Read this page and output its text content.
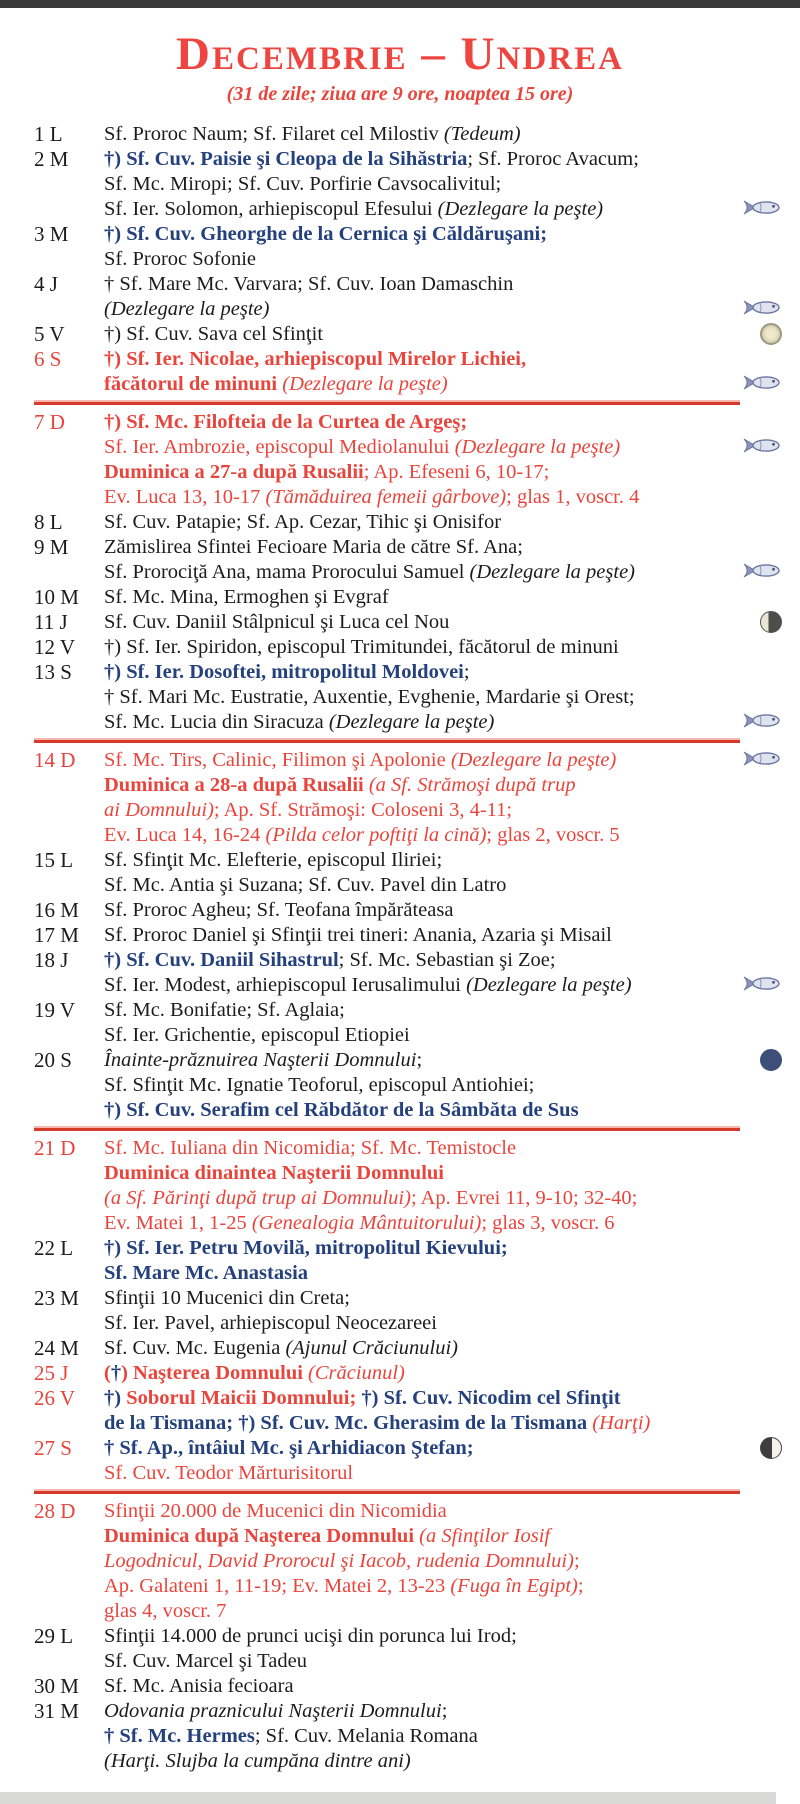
Decembrie – Undrea
(31 de zile; ziua are 9 ore, noaptea 15 ore)
1 L	Sf. Proroc Naum; Sf. Filaret cel Milostiv (Tedeum)
2 M	†) Sf. Cuv. Paisie şi Cleopa de la Sihăstria; Sf. Proroc Avacum;
Sf. Mc. Miropi; Sf. Cuv. Porfirie Cavsocalivitul;
Sf. Ier. Solomon, arhiepiscopul Efesului (Dezlegare la peşte)
3 M	†) Sf. Cuv. Gheorghe de la Cernica şi Căldăruşani;
Sf. Proroc Sofonie
4 J	† Sf. Mare Mc. Varvara; Sf. Cuv. Ioan Damaschin
(Dezlegare la peşte)
5 V	†) Sf. Cuv. Sava cel Sfinţit
6 S	†) Sf. Ier. Nicolae, arhiepiscopul Mirelor Lichiei,
făcătorul de minuni (Dezlegare la peşte)
7 D	†) Sf. Mc. Filofteia de la Curtea de Argeş;
Sf. Ier. Ambrozie, episcopul Mediolanului (Dezlegare la peşte)
Duminica a 27-a după Rusalii; Ap. Efeseni 6, 10-17;
Ev. Luca 13, 10-17 (Tămăduirea femeii gârbove); glas 1, voscr. 4
8 L	Sf. Cuv. Patapie; Sf. Ap. Cezar, Tihic şi Onisifor
9 M	Zămislirea Sfintei Fecioare Maria de către Sf. Ana;
Sf. Prorociţă Ana, mama Prorocului Samuel (Dezlegare la peşte)
10 M	Sf. Mc. Mina, Ermoghen şi Evgraf
11 J	Sf. Cuv. Daniil Stâlpnicul şi Luca cel Nou
12 V	†) Sf. Ier. Spiridon, episcopul Trimitundei, făcătorul de minuni
13 S	†) Sf. Ier. Dosoftei, mitropolitul Moldovei;
† Sf. Mari Mc. Eustratie, Auxentie, Evghenie, Mardarie şi Orest;
Sf. Mc. Lucia din Siracuza (Dezlegare la peşte)
14 D	Sf. Mc. Tirs, Calinic, Filimon şi Apolonie (Dezlegare la peşte)
Duminica a 28-a după Rusalii (a Sf. Strămoşi după trup
ai Domnului); Ap. Sf. Strămoşi: Coloseni 3, 4-11;
Ev. Luca 14, 16-24 (Pilda celor poftiţi la cină); glas 2, voscr. 5
15 L	Sf. Sfinţit Mc. Elefterie, episcopul Iliriei;
Sf. Mc. Antia şi Suzana; Sf. Cuv. Pavel din Latro
16 M	Sf. Proroc Agheu; Sf. Teofana împărăteasa
17 M	Sf. Proroc Daniel şi Sfinţii trei tineri: Anania, Azaria şi Misail
18 J	†) Sf. Cuv. Daniil Sihastrul; Sf. Mc. Sebastian şi Zoe;
Sf. Ier. Modest, arhiepiscopul Ierusalimului (Dezlegare la peşte)
19 V	Sf. Mc. Bonifatie; Sf. Aglaia;
Sf. Ier. Grichentie, episcopul Etiopiei
20 S	Înainte-prăznuirea Naşterii Domnului;
Sf. Sfinţit Mc. Ignatie Teoforul, episcopul Antiohiei;
†) Sf. Cuv. Serafim cel Răbdător de la Sâmbăta de Sus
21 D	Sf. Mc. Iuliana din Nicomidia; Sf. Mc. Temistocle
Duminica dinaintea Naşterii Domnului
(a Sf. Părinţi după trup ai Domnului); Ap. Evrei 11, 9-10; 32-40;
Ev. Matei 1, 1-25 (Genealogia Mântuitorului); glas 3, voscr. 6
22 L	†) Sf. Ier. Petru Movilă, mitropolitul Kievului;
Sf. Mare Mc. Anastasia
23 M	Sfinţii 10 Mucenici din Creta;
Sf. Ier. Pavel, arhiepiscopul Neocezareei
24 M	Sf. Cuv. Mc. Eugenia (Ajunul Crăciunului)
25 J	(†) Naşterea Domnului (Crăciunul)
26 V	†) Soborul Maicii Domnului; †) Sf. Cuv. Nicodim cel Sfinţit
de la Tismana; †) Sf. Cuv. Mc. Gherasim de la Tismana (Harţi)
27 S	† Sf. Ap., întâiul Mc. şi Arhidiacon Ştefan;
Sf. Cuv. Teodor Mărturisitorul
28 D	Sfinţii 20.000 de Mucenici din Nicomidia
Duminica după Naşterea Domnului (a Sfinţilor Iosif
Logodnicul, David Prorocul şi Iacob, rudenia Domnului);
Ap. Galateni 1, 11-19; Ev. Matei 2, 13-23 (Fuga în Egipt);
glas 4, voscr. 7
29 L	Sfinţii 14.000 de prunci ucişi din porunca lui Irod;
Sf. Cuv. Marcel şi Tadeu
30 M	Sf. Mc. Anisia fecioara
31 M	Odovania praznicului Naşterii Domnului;
† Sf. Mc. Hermes; Sf. Cuv. Melania Romana
(Harţi. Slujba la cumpăna dintre ani)
